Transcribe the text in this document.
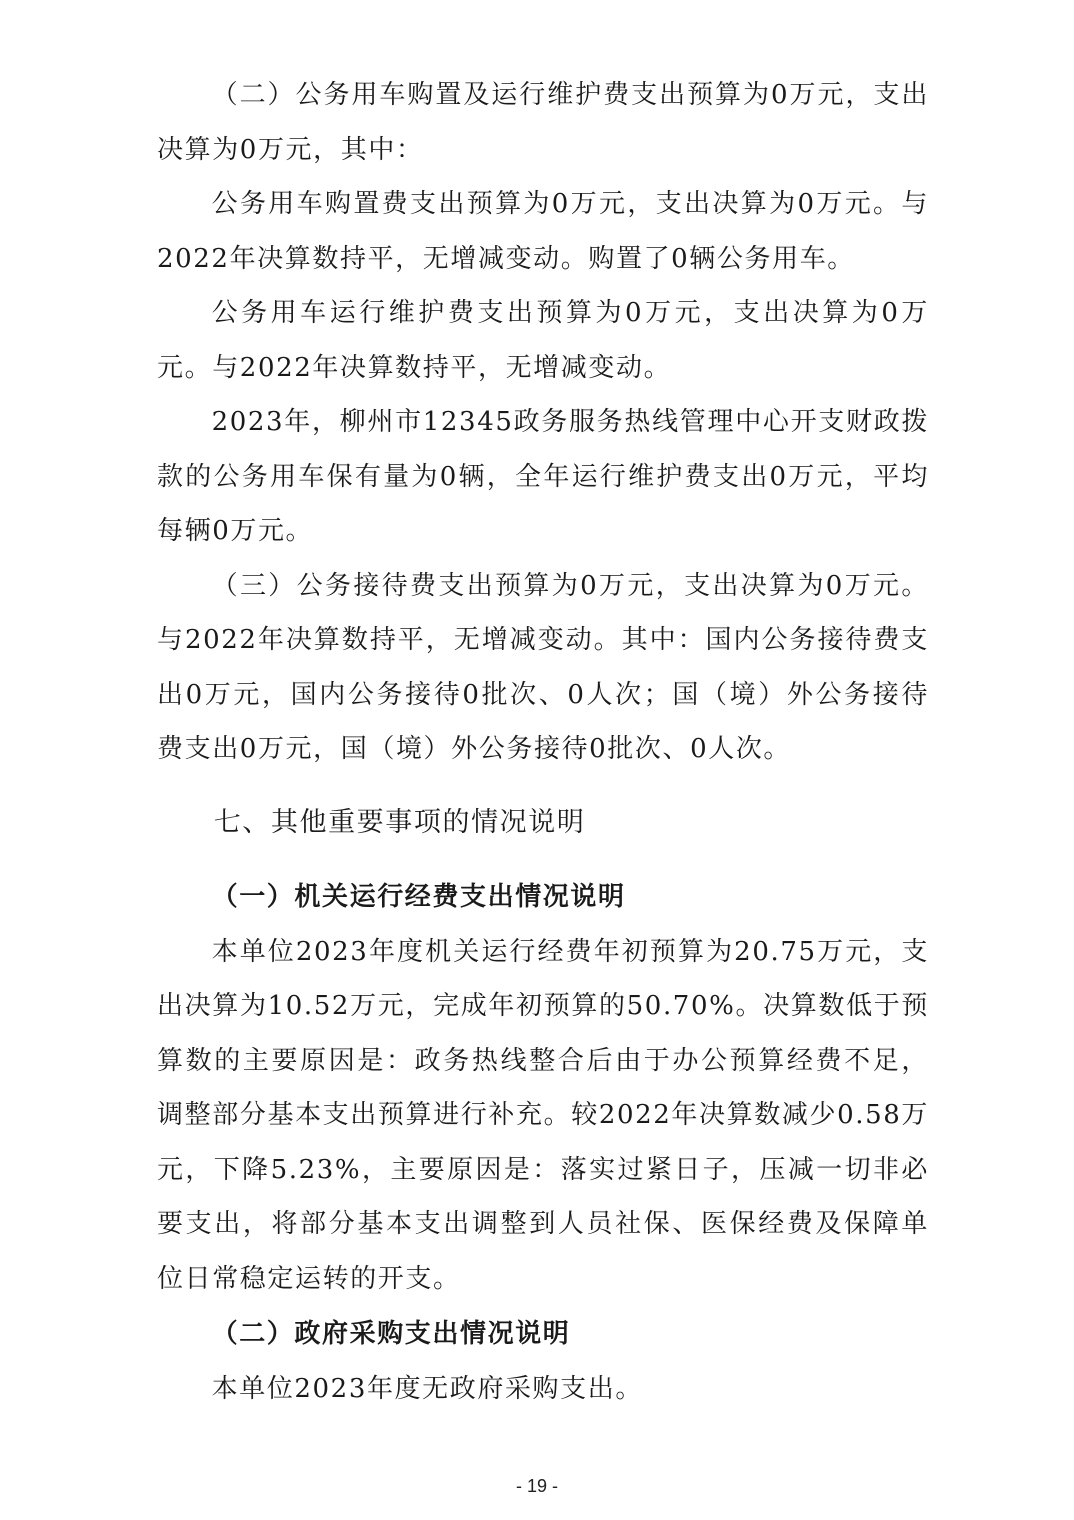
（二）公务用车购置及运行维护费支出预算为0万元，支出决算为0万元，其中：

公务用车购置费支出预算为0万元，支出决算为0万元。与2022年决算数持平，无增减变动。购置了0辆公务用车。

公务用车运行维护费支出预算为0万元，支出决算为0万元。与2022年决算数持平，无增减变动。

2023年，柳州市12345政务服务热线管理中心开支财政拨款的公务用车保有量为0辆，全年运行维护费支出0万元，平均每辆0万元。

（三）公务接待费支出预算为0万元，支出决算为0万元。与2022年决算数持平，无增减变动。其中：国内公务接待费支出0万元，国内公务接待0批次、0人次；国（境）外公务接待费支出0万元，国（境）外公务接待0批次、0人次。

七、其他重要事项的情况说明
（一）机关运行经费支出情况说明

本单位2023年度机关运行经费年初预算为20.75万元，支出决算为10.52万元，完成年初预算的50.70%。决算数低于预算数的主要原因是：政务热线整合后由于办公预算经费不足，调整部分基本支出预算进行补充。较2022年决算数减少0.58万元，下降5.23%，主要原因是：落实过紧日子，压减一切非必要支出，将部分基本支出调整到人员社保、医保经费及保障单位日常稳定运转的开支。

（二）政府采购支出情况说明

本单位2023年度无政府采购支出。

- 19 -
